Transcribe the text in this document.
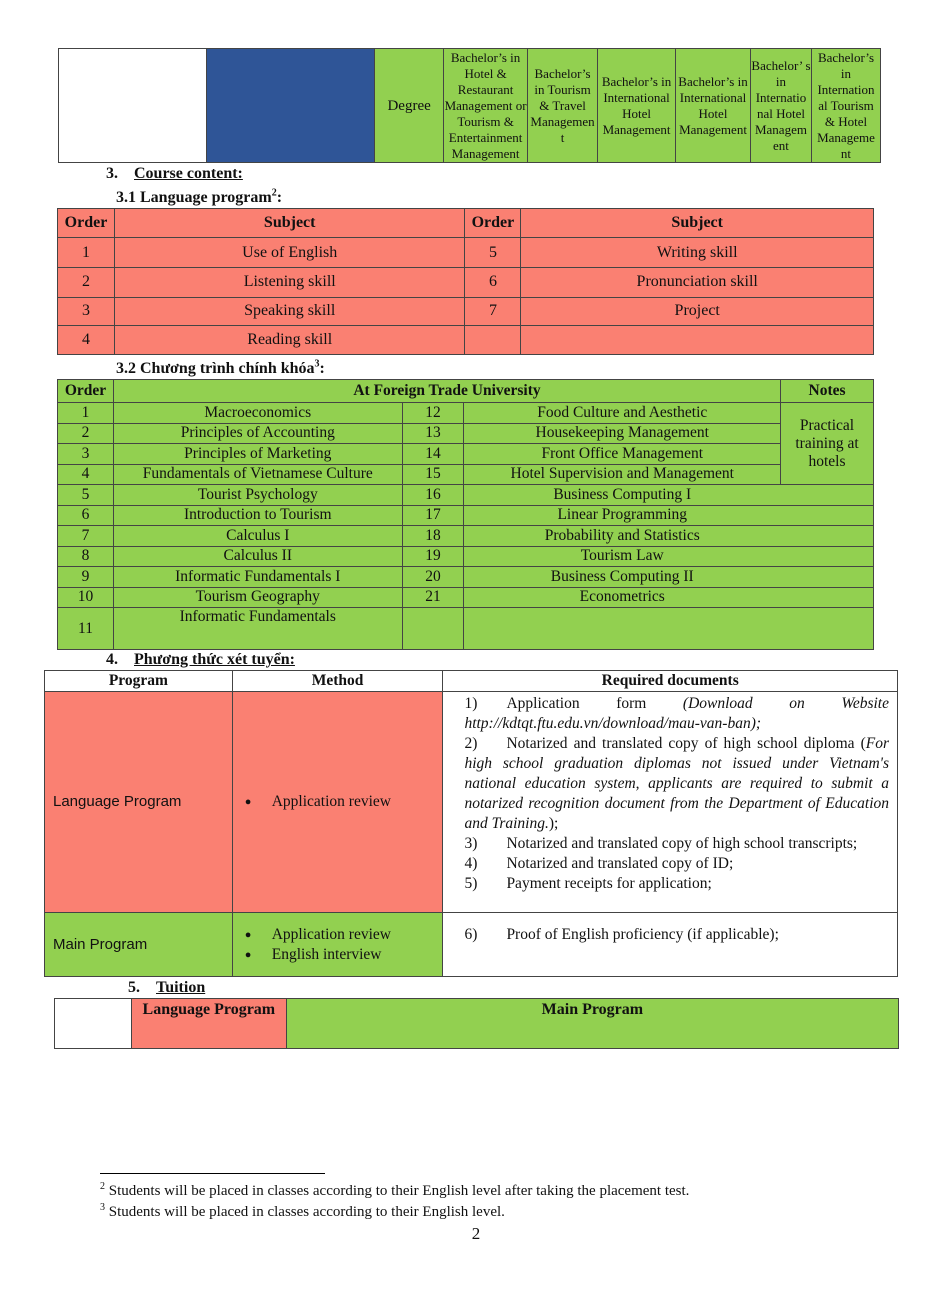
		Degree	Bachelor’s in Hotel & Restaurant Management or Tourism & Entertainment Management	Bachelor’s in Tourism & Travel Managemen t	Bachelor’s in International Hotel Management	Bachelor’s in International Hotel Management	Bachelor’ s in Internatio nal Hotel Managem ent	Bachelor’s in Internation al Tourism & Hotel Manageme nt
3. Course content:
3.1 Language program$^2$:
Order	Subject	Order	Subject
1	Use of English	5	Writing skill
2	Listening skill	6	Pronunciation skill
3	Speaking skill	7	Project
4	Reading skill		
3.2 Chương trình chính khóa$^3$:
Order	At Foreign Trade University			Notes
1	Macroeconomics	12	Food Culture and Aesthetic	Practical training at hotels
2	Principles of Accounting	13	Housekeeping Management	
3	Principles of Marketing	14	Front Office Management	
4	Fundamentals of Vietnamese Culture	15	Hotel Supervision and Management	
5	Tourist Psychology	16	Business Computing I	
6	Introduction to Tourism	17	Linear Programming	
7	Calculus I	18	Probability and Statistics	
8	Calculus II	19	Tourism Law	
9	Informatic Fundamentals I	20	Business Computing II	
10	Tourism Geography	21	Econometrics	
11	Informatic Fundamentals			
4. Phương thức xét tuyển:
Program	Method	Required documents
Language Program	● Application review	1) Application form (Download on Website http://kdtqt.ftu.edu.vn/download/mau-van-ban);
2) Notarized and translated copy of high school diploma (For high school graduation diplomas not issued under Vietnam's national education system, applicants are required to submit a notarized recognition document from the Department of Education and Training.);
3) Notarized and translated copy of high school transcripts;
4) Notarized and translated copy of ID;
5) Payment receipts for application;

Main Program	● Application review
● English interview	6) Proof of English proficiency (if applicable);
5. Tuition
	Language Program	Main Program
$^2$ Students will be placed in classes according to their English level after taking the placement test.
$^3$ Students will be placed in classes according to their English level.
2
